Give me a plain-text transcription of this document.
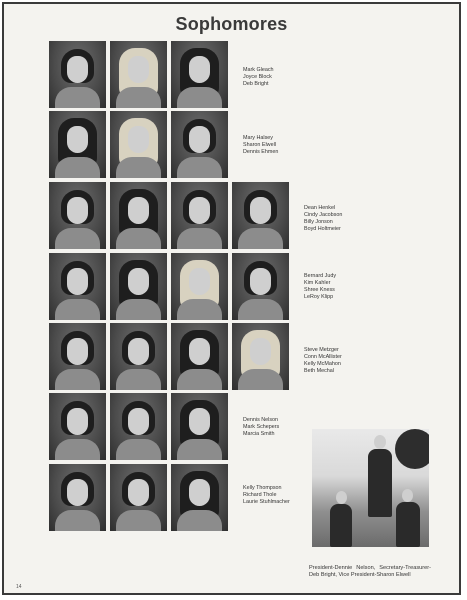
Sophomores
Mark Gleach
Joyce Block
Deb Bright
Mary Halsey
Sharon Elwell
Dennis Ehmen
Dean Henkel
Cindy Jacobson
Billy Jonson
Boyd Holtmeier
Bernard Judy
Kim Kahler
Shree Kness
LeRoy Klipp
Steve Metzger
Conn McAllister
Kelly McMahon
Beth Mechal
Dennis Nelson
Mark Schepers
Marcia Smith
Kelly Thompson
Richard Thole
Laurie Stuhlmacher
President-Dennie Nelson, Secretary-Treasurer-Deb Bright, Vice President-Sharon Elwell
14
